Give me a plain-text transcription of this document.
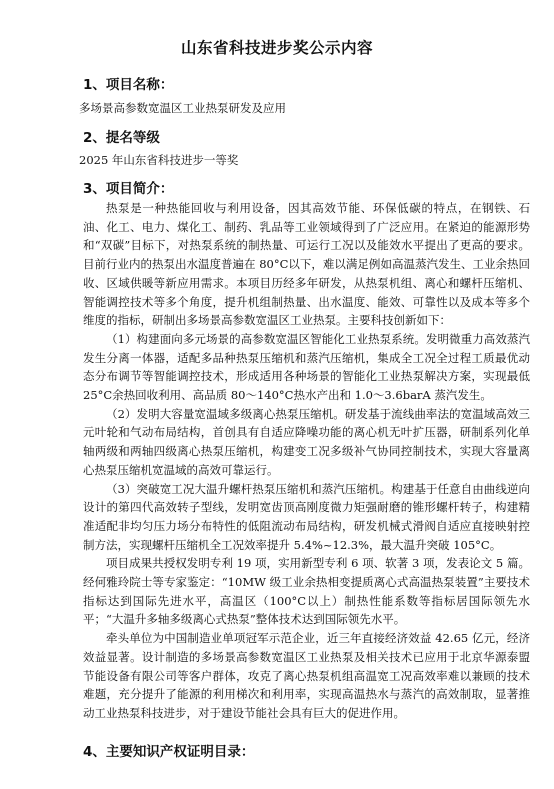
山东省科技进步奖公示内容
1、项目名称：
多场景高参数宽温区工业热泵研发及应用
2、提名等级
2025 年山东省科技进步一等奖
3、项目简介：

热泵是一种热能回收与利用设备，因其高效节能、环保低碳的特点，在钢铁、石油、化工、电力、煤化工、制药、乳品等工业领域得到了广泛应用。在紧迫的能源形势和“双碳”目标下，对热泵系统的制热量、可运行工况以及能效水平提出了更高的要求。目前行业内的热泵出水温度普遍在 80°C以下，难以满足例如高温蒸汽发生、工业余热回收、区域供暖等新应用需求。本项目历经多年研发，从热泵机组、离心和螺杆压缩机、智能调控技术等多个角度，提升机组制热量、出水温度、能效、可靠性以及成本等多个维度的指标，研制出多场景高参数宽温区工业热泵。主要科技创新如下：

（1）构建面向多元场景的高参数宽温区智能化工业热泵系统。发明微重力高效蒸汽发生分离一体器，适配多品种热泵压缩机和蒸汽压缩机，集成全工况全过程工质最优动态分布调节等智能调控技术，形成适用各种场景的智能化工业热泵解决方案，实现最低 25°C余热回收利用、高品质 80～140°C热水产出和 1.0～3.6barA 蒸汽发生。

（2）发明大容量宽温域多级离心热泵压缩机。研发基于流线曲率法的宽温域高效三元叶轮和气动布局结构，首创具有自适应降噪功能的离心机无叶扩压器，研制系列化单轴两级和两轴四级离心热泵压缩机，构建变工况多级补气协同控制技术，实现大容量离心热泵压缩机宽温域的高效可靠运行。

（3）突破宽工况大温升螺杆热泵压缩机和蒸汽压缩机。构建基于任意自由曲线逆向设计的第四代高效转子型线，发明宽齿顶高刚度微力矩强耐磨的锥形螺杆转子，构建精准适配非均匀压力场分布特性的低阻流动布局结构，研发机械式滑阀自适应直接映射控制方法，实现螺杆压缩机全工况效率提升 5.4%~12.3%，最大温升突破 105°C。

项目成果共授权发明专利 19 项，实用新型专利 6 项、软著 3 项，发表论文 5 篇。经何雅玲院士等专家鉴定：“10MW 级工业余热相变提质离心式高温热泵装置”主要技术指标达到国际先进水平，高温区（100°C以上）制热性能系数等指标居国际领先水平；“大温升多轴多级离心式热泵”整体技术达到国际领先水平。

牵头单位为中国制造业单项冠军示范企业，近三年直接经济效益 42.65 亿元，经济效益显著。设计制造的多场景高参数宽温区工业热泵及相关技术已应用于北京华源泰盟节能设备有限公司等客户群体，攻克了离心热泵机组高温宽工况高效率难以兼顾的技术难题，充分提升了能源的利用梯次和利用率，实现高温热水与蒸汽的高效制取，显著推动工业热泵科技进步，对于建设节能社会具有巨大的促进作用。

4、主要知识产权证明目录：
